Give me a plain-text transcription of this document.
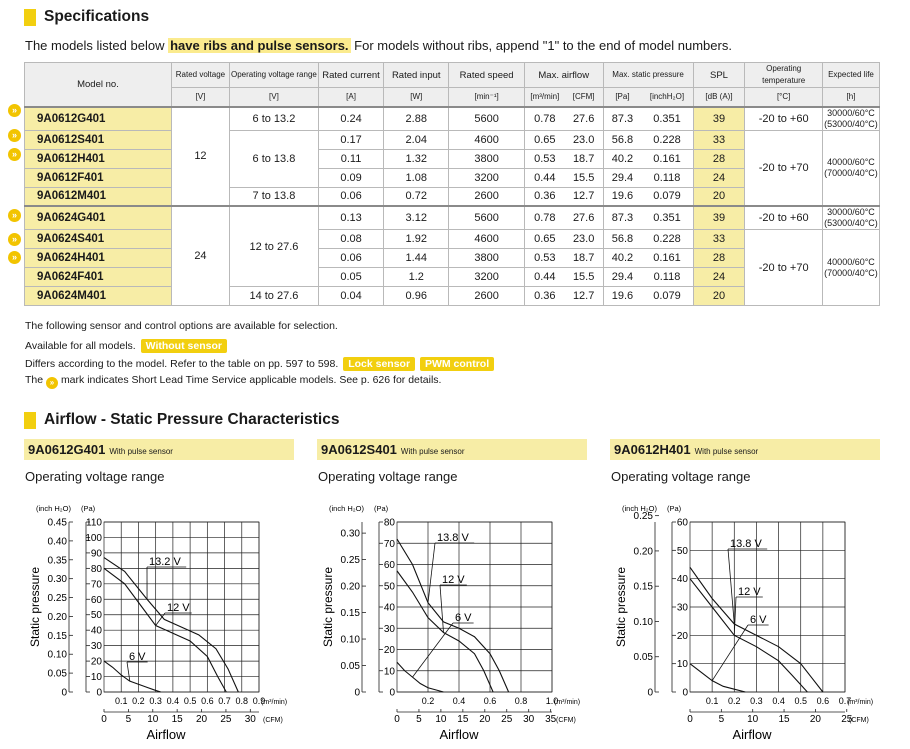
Specifications
The models listed below have ribs and pulse sensors. For models without ribs, append "1" to the end of model numbers.
Model no.	Rated voltage	Operating voltage range	Rated current	Rated input	Rated speed	Max. airflow		Max. static pressure		SPL	Operating temperature	Expected life
	[V]	[V]	[A]	[W]	[min⁻¹]	[m³/min]	[CFM]	[Pa]	[inchH₂O]	[dB (A)]	[°C]	[h]
9A0612G401	12	6 to 13.2	0.24	2.88	5600	0.78	27.6	87.3	0.351	39	-20 to +60	30000/60°C
(53000/40°C)
9A0612S401		6 to 13.8	0.17	2.04	4600	0.65	23.0	56.8	0.228	33	-20 to +70	40000/60°C
(70000/40°C)
9A0612H401			0.11	1.32	3800	0.53	18.7	40.2	0.161	28		
9A0612F401			0.09	1.08	3200	0.44	15.5	29.4	0.118	24		
9A0612M401		7 to 13.8	0.06	0.72	2600	0.36	12.7	19.6	0.079	20		
9A0624G401	24	12 to 27.6	0.13	3.12	5600	0.78	27.6	87.3	0.351	39	-20 to +60	30000/60°C
(53000/40°C)
9A0624S401			0.08	1.92	4600	0.65	23.0	56.8	0.228	33	-20 to +70	40000/60°C
(70000/40°C)
9A0624H401			0.06	1.44	3800	0.53	18.7	40.2	0.161	28		
9A0624F401			0.05	1.2	3200	0.44	15.5	29.4	0.118	24		
9A0624M401		14 to 27.6	0.04	0.96	2600	0.36	12.7	19.6	0.079	20		
»
»
»
»
»
»
The following sensor and control options are available for selection.
Available for all models. Without sensor
Differs according to the model. Refer to the table on pp. 597 to 598. Lock sensor PWM control
The » mark indicates Short Lead Time Service applicable models. See p. 626 for details.
Airflow - Static Pressure Characteristics
9A0612G401 With pulse sensor	9A0612S401 With pulse sensor	9A0612H401 With pulse sensor
Operating voltage range	Operating voltage range	Operating voltage range
(inch H₂O) (Pa)
Static pressure
0
10
20
30
40
50
60
70
80
90
100
110
0
0.05
0.10
0.15
0.20
0.25
0.30
0.35
0.40
0.45
0.1 0.2 0.3 0.4 0.5 0.6 0.7 0.8 0.9
(m³/min)
0 5 10 15 20 25 30 (CFM)
Airflow
13.2 V
12 V
6 V
(inch H₂O) (Pa)
Static pressure
0
10
20
30
40
50
60
70
80
0
0.05
0.10
0.15
0.20
0.25
0.30
0.2 0.4 0.6 0.8 1.0
(m³/min)
0 5 10 15 20 25 30 35 (CFM)
Airflow
13.8 V
12 V
6 V
(inch H₂O) (Pa)
Static pressure
0
10
20
30
40
50
60
0
0.05
0.10
0.15
0.20
0.25
0.1 0.2 0.3 0.4 0.5 0.6 0.7
(m³/min)
0	5 10 15 20 25
(CFM)
Airflow
13.8 V
12 V
6 V
